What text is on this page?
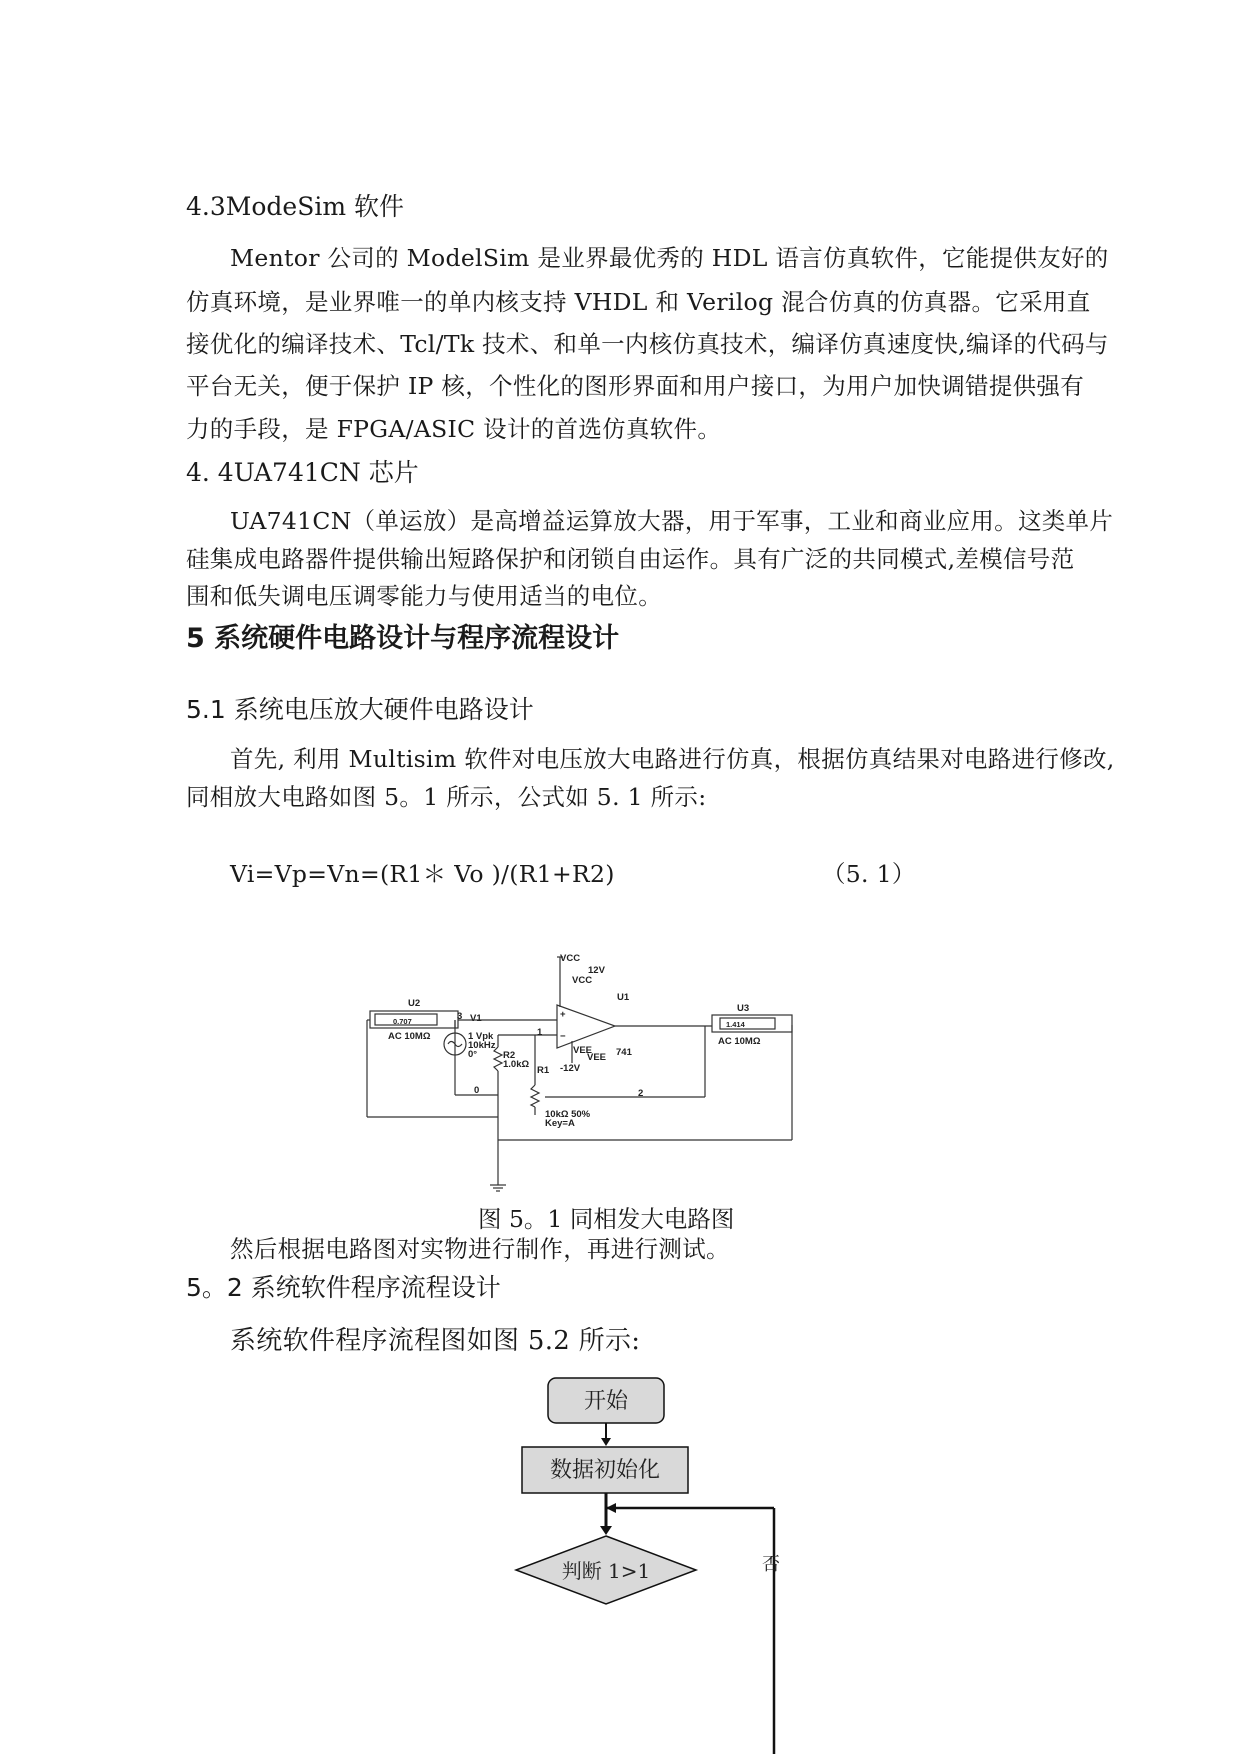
4.3ModeSim 软件
Mentor 公司的 ModelSim 是业界最优秀的 HDL 语言仿真软件，它能提供友好的
仿真环境，是业界唯一的单内核支持 VHDL 和 Verilog 混合仿真的仿真器。它采用直
接优化的编译技术、Tcl/Tk 技术、和单一内核仿真技术，编译仿真速度快,编译的代码与
平台无关，便于保护 IP 核，个性化的图形界面和用户接口，为用户加快调错提供强有
力的手段，是 FPGA/ASIC 设计的首选仿真软件。
4. 4UA741CN 芯片
UA741CN（单运放）是高增益运算放大器，用于军事，工业和商业应用。这类单片
硅集成电路器件提供输出短路保护和闭锁自由运作。具有广泛的共同模式,差模信号范
围和低失调电压调零能力与使用适当的电位。
5 系统硬件电路设计与程序流程设计
5.1 系统电压放大硬件电路设计
首先, 利用 Multisim 软件对电压放大电路进行仿真，根据仿真结果对电路进行修改,
同相放大电路如图 5。1 所示，公式如 5. 1 所示:
Vi=Vp=Vn=(R1＊ Vo )/(R1+R2)	（5. 1）
VCC
12V
VCC
U1
U2	U3
0.707	1.414
AC 10MΩ	AC 10MΩ
V1
1 Vpk
10kHz
0°	R2
1.0kΩ
R1
10kΩ 50%
Key=A
VEE
VEE
-12V
741
3
1
0	2
+
−
图 5。1 同相发大电路图
然后根据电路图对实物进行制作，再进行测试。
5。2 系统软件程序流程设计
系统软件程序流程图如图 5.2 所示:
开始
数据初始化
判断 1>1	否
